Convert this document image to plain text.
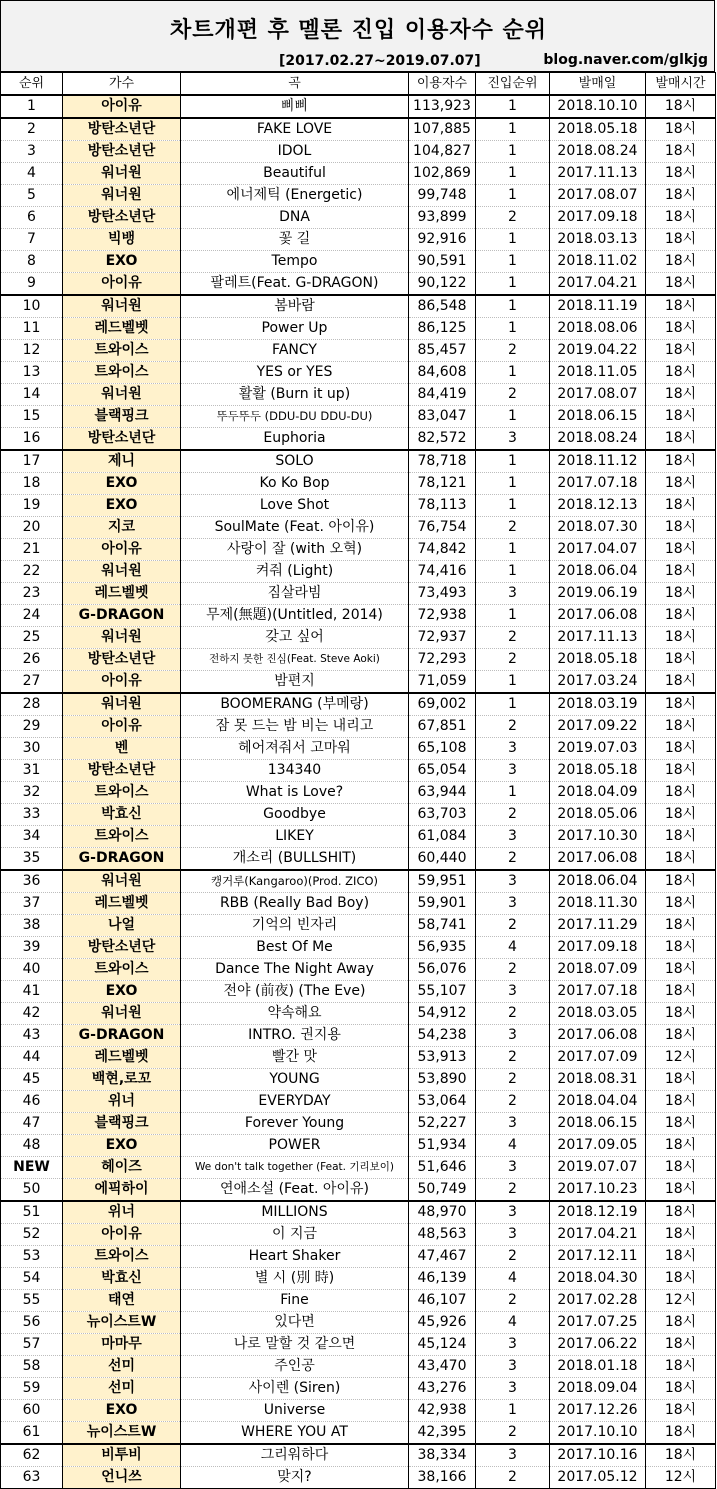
차트개편 후 멜론 진입 이용자수 순위
[2017.02.27~2019.07.07]	blog.naver.com/glkjg
순위	가수	곡	이용자수	진입순위	발매일	발매시간
1	아이유	삐삐	113,923	1	2018.10.10	18시
2	방탄소년단	FAKE LOVE	107,885	1	2018.05.18	18시
3	방탄소년단	IDOL	104,827	1	2018.08.24	18시
4	워너원	Beautiful	102,869	1	2017.11.13	18시
5	워너원	에너제틱 (Energetic)	99,748	1	2017.08.07	18시
6	방탄소년단	DNA	93,899	2	2017.09.18	18시
7	빅뱅	꽃 길	92,916	1	2018.03.13	18시
8	EXO	Tempo	90,591	1	2018.11.02	18시
9	아이유	팔레트(Feat. G-DRAGON)	90,122	1	2017.04.21	18시
10	워너원	봄바람	86,548	1	2018.11.19	18시
11	레드벨벳	Power Up	86,125	1	2018.08.06	18시
12	트와이스	FANCY	85,457	2	2019.04.22	18시
13	트와이스	YES or YES	84,608	1	2018.11.05	18시
14	워너원	활활 (Burn it up)	84,419	2	2017.08.07	18시
15	블랙핑크	뚜두뚜두 (DDU-DU DDU-DU)	83,047	1	2018.06.15	18시
16	방탄소년단	Euphoria	82,572	3	2018.08.24	18시
17	제니	SOLO	78,718	1	2018.11.12	18시
18	EXO	Ko Ko Bop	78,121	1	2017.07.18	18시
19	EXO	Love Shot	78,113	1	2018.12.13	18시
20	지코	SoulMate (Feat. 아이유)	76,754	2	2018.07.30	18시
21	아이유	사랑이 잘 (with 오혁)	74,842	1	2017.04.07	18시
22	워너원	켜줘 (Light)	74,416	1	2018.06.04	18시
23	레드벨벳	짐살라빔	73,493	3	2019.06.19	18시
24	G-DRAGON	무제(無題)(Untitled, 2014)	72,938	1	2017.06.08	18시
25	워너원	갖고 싶어	72,937	2	2017.11.13	18시
26	방탄소년단	전하지 못한 진심(Feat. Steve Aoki)	72,293	2	2018.05.18	18시
27	아이유	밤편지	71,059	1	2017.03.24	18시
28	워너원	BOOMERANG (부메랑)	69,002	1	2018.03.19	18시
29	아이유	잠 못 드는 밤 비는 내리고	67,851	2	2017.09.22	18시
30	벤	헤어져줘서 고마워	65,108	3	2019.07.03	18시
31	방탄소년단	134340	65,054	3	2018.05.18	18시
32	트와이스	What is Love?	63,944	1	2018.04.09	18시
33	박효신	Goodbye	63,703	2	2018.05.06	18시
34	트와이스	LIKEY	61,084	3	2017.10.30	18시
35	G-DRAGON	개소리 (BULLSHIT)	60,440	2	2017.06.08	18시
36	워너원	캥거루(Kangaroo)(Prod. ZICO)	59,951	3	2018.06.04	18시
37	레드벨벳	RBB (Really Bad Boy)	59,901	3	2018.11.30	18시
38	나얼	기억의 빈자리	58,741	2	2017.11.29	18시
39	방탄소년단	Best Of Me	56,935	4	2017.09.18	18시
40	트와이스	Dance The Night Away	56,076	2	2018.07.09	18시
41	EXO	전야 (前夜) (The Eve)	55,107	3	2017.07.18	18시
42	워너원	약속해요	54,912	2	2018.03.05	18시
43	G-DRAGON	INTRO. 권지용	54,238	3	2017.06.08	18시
44	레드벨벳	빨간 맛	53,913	2	2017.07.09	12시
45	백현,로꼬	YOUNG	53,890	2	2018.08.31	18시
46	위너	EVERYDAY	53,064	2	2018.04.04	18시
47	블랙핑크	Forever Young	52,227	3	2018.06.15	18시
48	EXO	POWER	51,934	4	2017.09.05	18시
NEW	헤이즈	We don't talk together (Feat. 기리보이)	51,646	3	2019.07.07	18시
50	에픽하이	연애소설 (Feat. 아이유)	50,749	2	2017.10.23	18시
51	위너	MILLIONS	48,970	3	2018.12.19	18시
52	아이유	이 지금	48,563	3	2017.04.21	18시
53	트와이스	Heart Shaker	47,467	2	2017.12.11	18시
54	박효신	별 시 (別 時)	46,139	4	2018.04.30	18시
55	태연	Fine	46,107	2	2017.02.28	12시
56	뉴이스트W	있다면	45,926	4	2017.07.25	18시
57	마마무	나로 말할 것 같으면	45,124	3	2017.06.22	18시
58	선미	주인공	43,470	3	2018.01.18	18시
59	선미	사이렌 (Siren)	43,276	3	2018.09.04	18시
60	EXO	Universe	42,938	1	2017.12.26	18시
61	뉴이스트W	WHERE YOU AT	42,395	2	2017.10.10	18시
62	비투비	그리워하다	38,334	3	2017.10.16	18시
63	언니쓰	맞지?	38,166	2	2017.05.12	12시
